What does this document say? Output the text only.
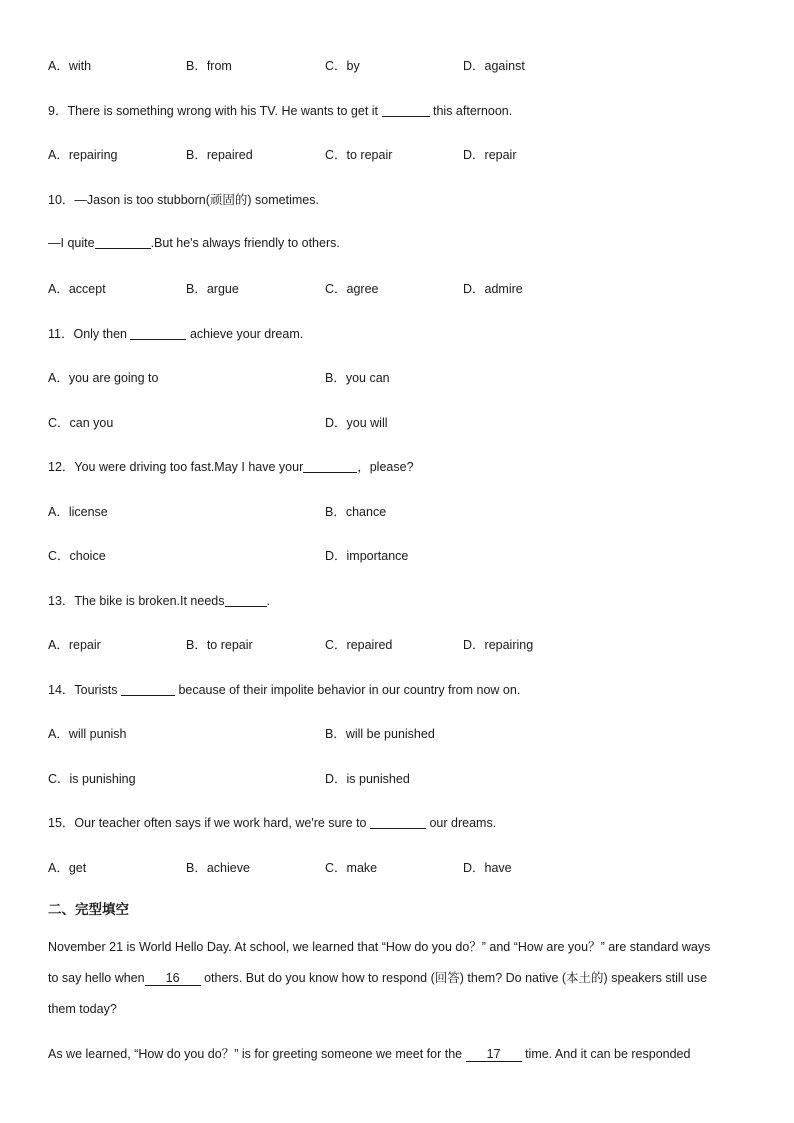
A．with	B．from	C．by	D．against
9．There is something wrong with his TV. He wants to get it	this afternoon.
A．repairing	B．repaired	C．to repair	D．repair
10．—Jason is too stubborn(顽固的) sometimes.
—I quite	.But he's always friendly to others.
A．accept	B．argue	C．agree	D．admire
11．Only then	achieve your dream.
A．you are going to	B．you can
C．can you	D．you will
12．You were driving too fast.May I have your	，please?
A．license	B．chance
C．choice	D．importance
13．The bike is broken.It needs	.
A．repair	B．to repair	C．repaired	D．repairing
14．Tourists	because of their impolite behavior in our country from now on.
A．will punish	B．will be punished
C．is punishing	D．is punished
15．Our teacher often says if we work hard, we're sure to	our dreams.
A．get	B．achieve	C．make	D．have
二、完型填空
November 21 is World Hello Day. At school, we learned that “How do you do？” and “How are you？” are standard ways
to say hello when 16 others. But do you know how to respond (回答) them? Do native (本土的) speakers still use
them today?
As we learned, “How do you do？” is for greeting someone we meet for the 17 time. And it can be responded
